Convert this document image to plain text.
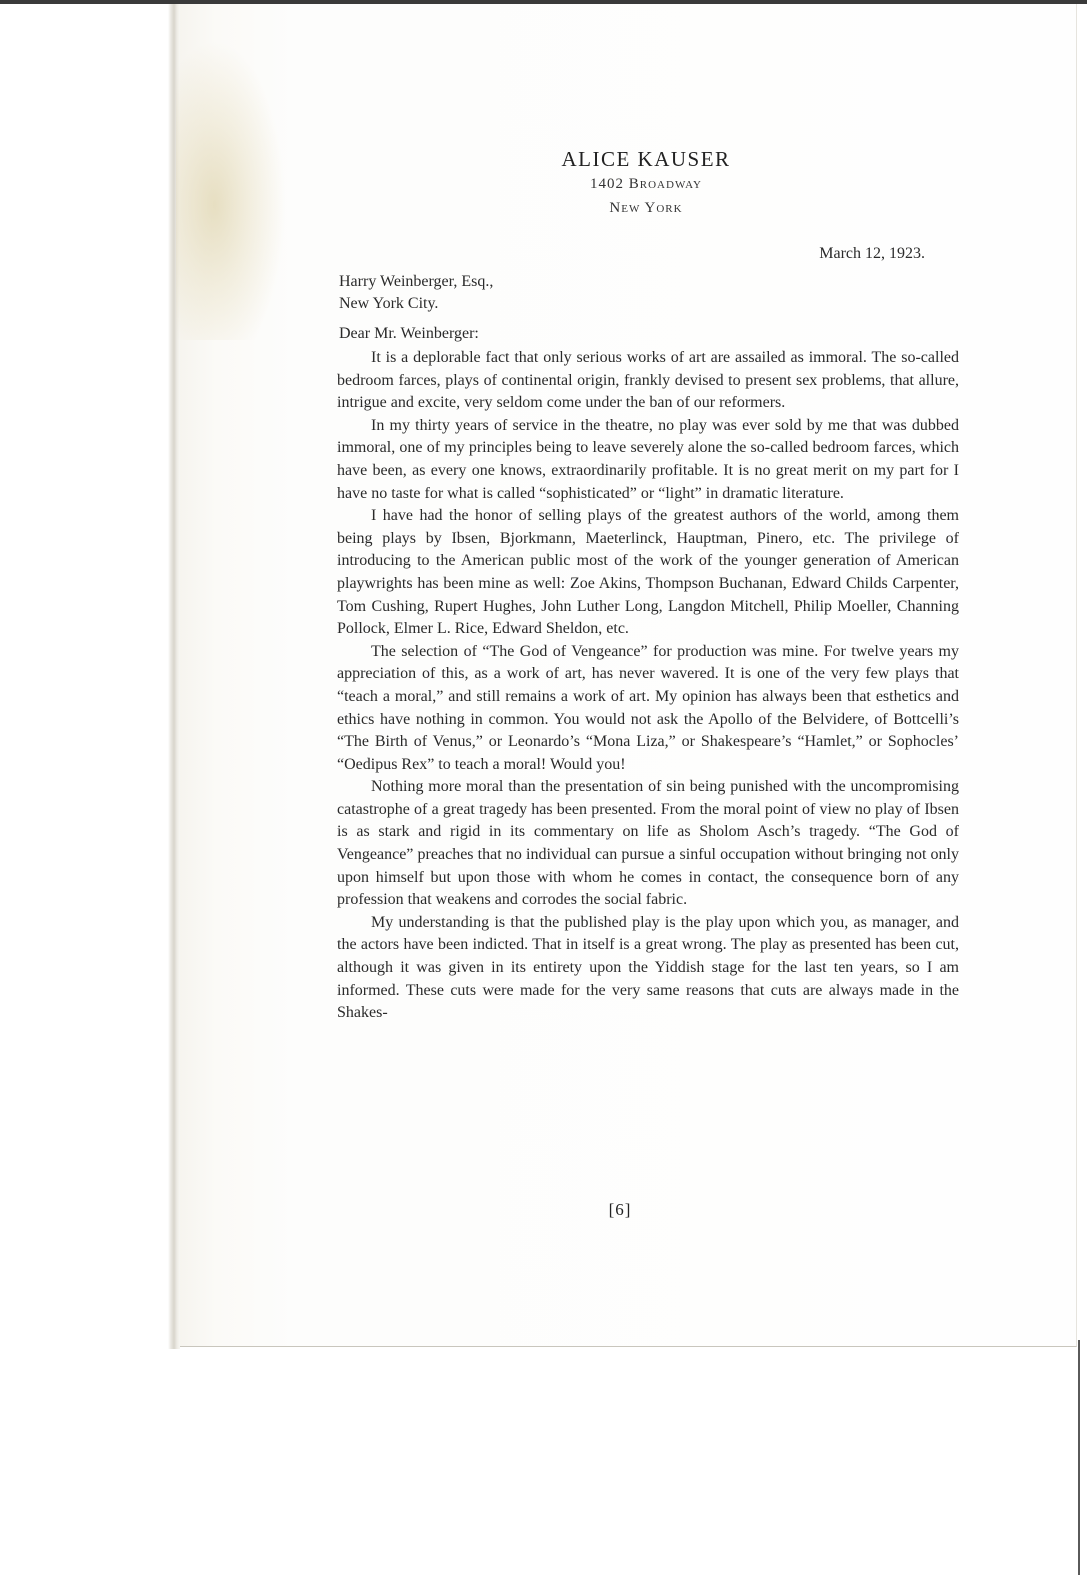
ALICE KAUSER
1402 Broadway
New York
March 12, 1923.
Harry Weinberger, Esq.,
New York City.
Dear Mr. Weinberger:

It is a deplorable fact that only serious works of art are assailed as immoral. The so-called bedroom farces, plays of continental origin, frankly devised to present sex problems, that allure, intrigue and excite, very seldom come under the ban of our reformers.

In my thirty years of service in the theatre, no play was ever sold by me that was dubbed immoral, one of my principles being to leave severely alone the so-called bedroom farces, which have been, as every one knows, extraordinarily profitable. It is no great merit on my part for I have no taste for what is called “sophisticated” or “light” in dramatic literature.

I have had the honor of selling plays of the greatest authors of the world, among them being plays by Ibsen, Bjorkmann, Maeterlinck, Hauptman, Pinero, etc. The privilege of introducing to the American public most of the work of the younger generation of American playwrights has been mine as well: Zoe Akins, Thompson Buchanan, Edward Childs Carpenter, Tom Cushing, Rupert Hughes, John Luther Long, Langdon Mitchell, Philip Moeller, Channing Pollock, Elmer L. Rice, Edward Sheldon, etc.

The selection of “The God of Vengeance” for production was mine. For twelve years my appreciation of this, as a work of art, has never wavered. It is one of the very few plays that “teach a moral,” and still remains a work of art. My opinion has always been that esthetics and ethics have nothing in common. You would not ask the Apollo of the Belvidere, of Bottcelli’s “The Birth of Venus,” or Leonardo’s “Mona Liza,” or Shakespeare’s “Hamlet,” or Sophocles’ “Oedipus Rex” to teach a moral! Would you!

Nothing more moral than the presentation of sin being punished with the uncompromising catastrophe of a great tragedy has been presented. From the moral point of view no play of Ibsen is as stark and rigid in its commentary on life as Sholom Asch’s tragedy. “The God of Vengeance” preaches that no individual can pursue a sinful occupation without bringing not only upon himself but upon those with whom he comes in contact, the consequence born of any profession that weakens and corrodes the social fabric.

My understanding is that the published play is the play upon which you, as manager, and the actors have been indicted. That in itself is a great wrong. The play as presented has been cut, although it was given in its entirety upon the Yiddish stage for the last ten years, so I am informed. These cuts were made for the very same reasons that cuts are always made in the Shakes-

[6]
